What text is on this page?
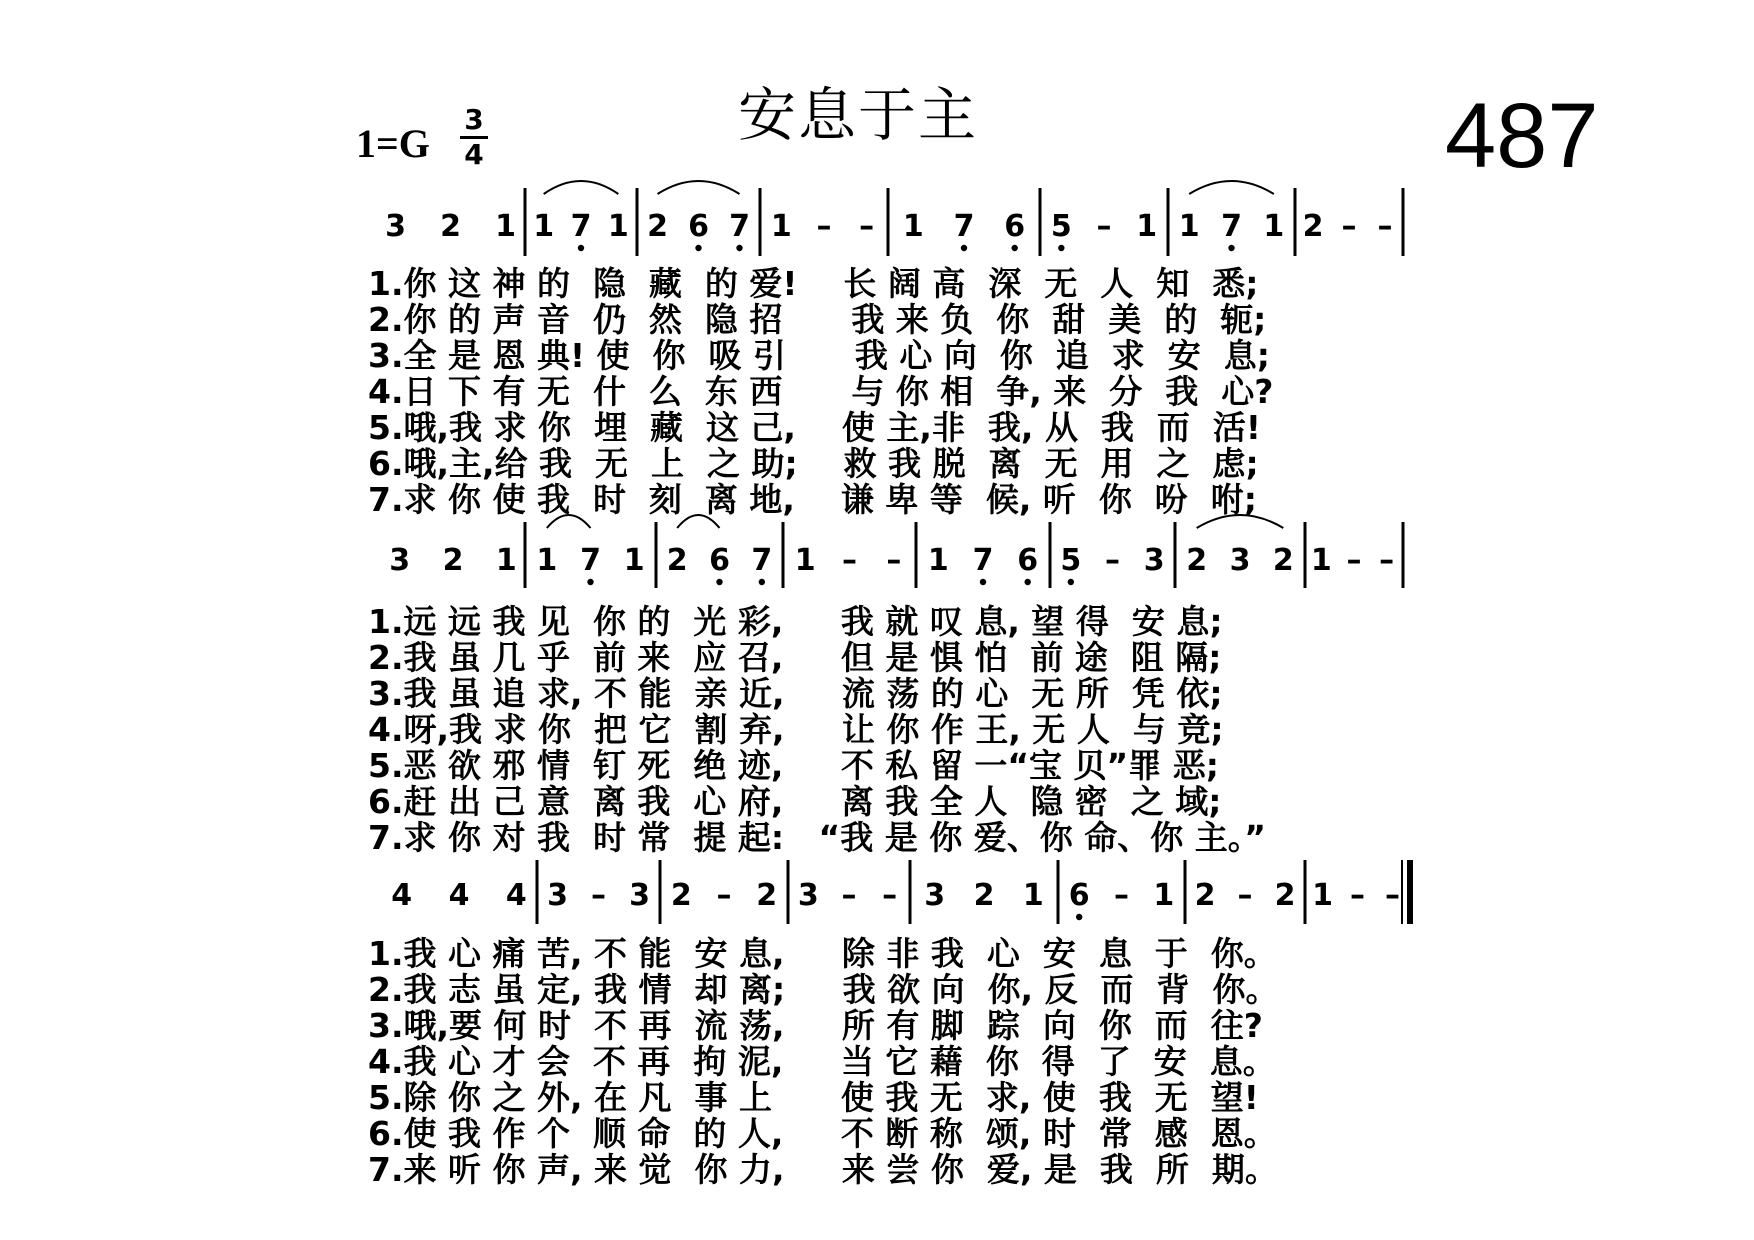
安息于主	487
1=G
3
4
3 2 1 1 7 1 2 6 7 1 – – 1 7 6 5 – 1 1 7 1 2 – –
1.你 这 神 的  隐  藏  的 爱!    长 阔 高  深  无  人  知  悉;
2.你 的 声 音  仍  然  隐 招      我 来 负  你  甜  美  的  轭;
3.全 是 恩 典! 使  你  吸 引      我 心 向  你  追  求  安  息;
4.日 下 有 无  什  么  东 西      与 你 相  争, 来  分  我  心?
5.哦,我 求 你  埋  藏  这 己,    使 主,非  我, 从  我  而  活!
6.哦,主,给 我  无  上  之 助;    救 我 脱  离  无  用  之  虑;
7.求 你 使 我  时  刻  离 地,    谦 卑 等  候, 听  你  吩  咐;
3 2 1 1 7 1 2 6 7 1 – – 1 7 6 5 – 3 2 3 2 1 – –
1.远 远 我 见  你 的  光 彩,     我 就 叹 息, 望 得  安 息;
2.我 虽 几 乎  前 来  应 召,     但 是 惧 怕  前 途  阻 隔;
3.我 虽 追 求, 不 能  亲 近,     流 荡 的 心  无 所  凭 依;
4.呀,我 求 你  把 它  割 弃,     让 你 作 王, 无 人  与 竞;
5.恶 欲 邪 情  钉 死  绝 迹,     不 私 留 一“宝 贝”罪 恶;
6.赶 出 己 意  离 我  心 府,     离 我 全 人  隐 密  之 域;
7.求 你 对 我  时 常  提 起:   “我 是 你 爱、你 命、你 主。”
4 4 4 3 – 3 2 – 2 3 – – 3 2 1 6 – 1 2 – 2 1 – –
1.我 心 痛 苦, 不 能  安 息,     除 非 我  心  安  息  于  你。
2.我 志 虽 定, 我 情  却 离;     我 欲 向  你, 反  而  背  你。
3.哦,要 何 时  不 再  流 荡,     所 有 脚  踪  向  你  而  往?
4.我 心 才 会  不 再  拘 泥,     当 它 藉  你  得  了  安  息。
5.除 你 之 外, 在 凡  事 上      使 我 无  求, 使  我  无  望!
6.使 我 作 个  顺 命  的 人,     不 断 称  颂, 时  常  感  恩。
7.来 听 你 声, 来 觉  你 力,     来 尝 你  爱, 是  我  所  期。
